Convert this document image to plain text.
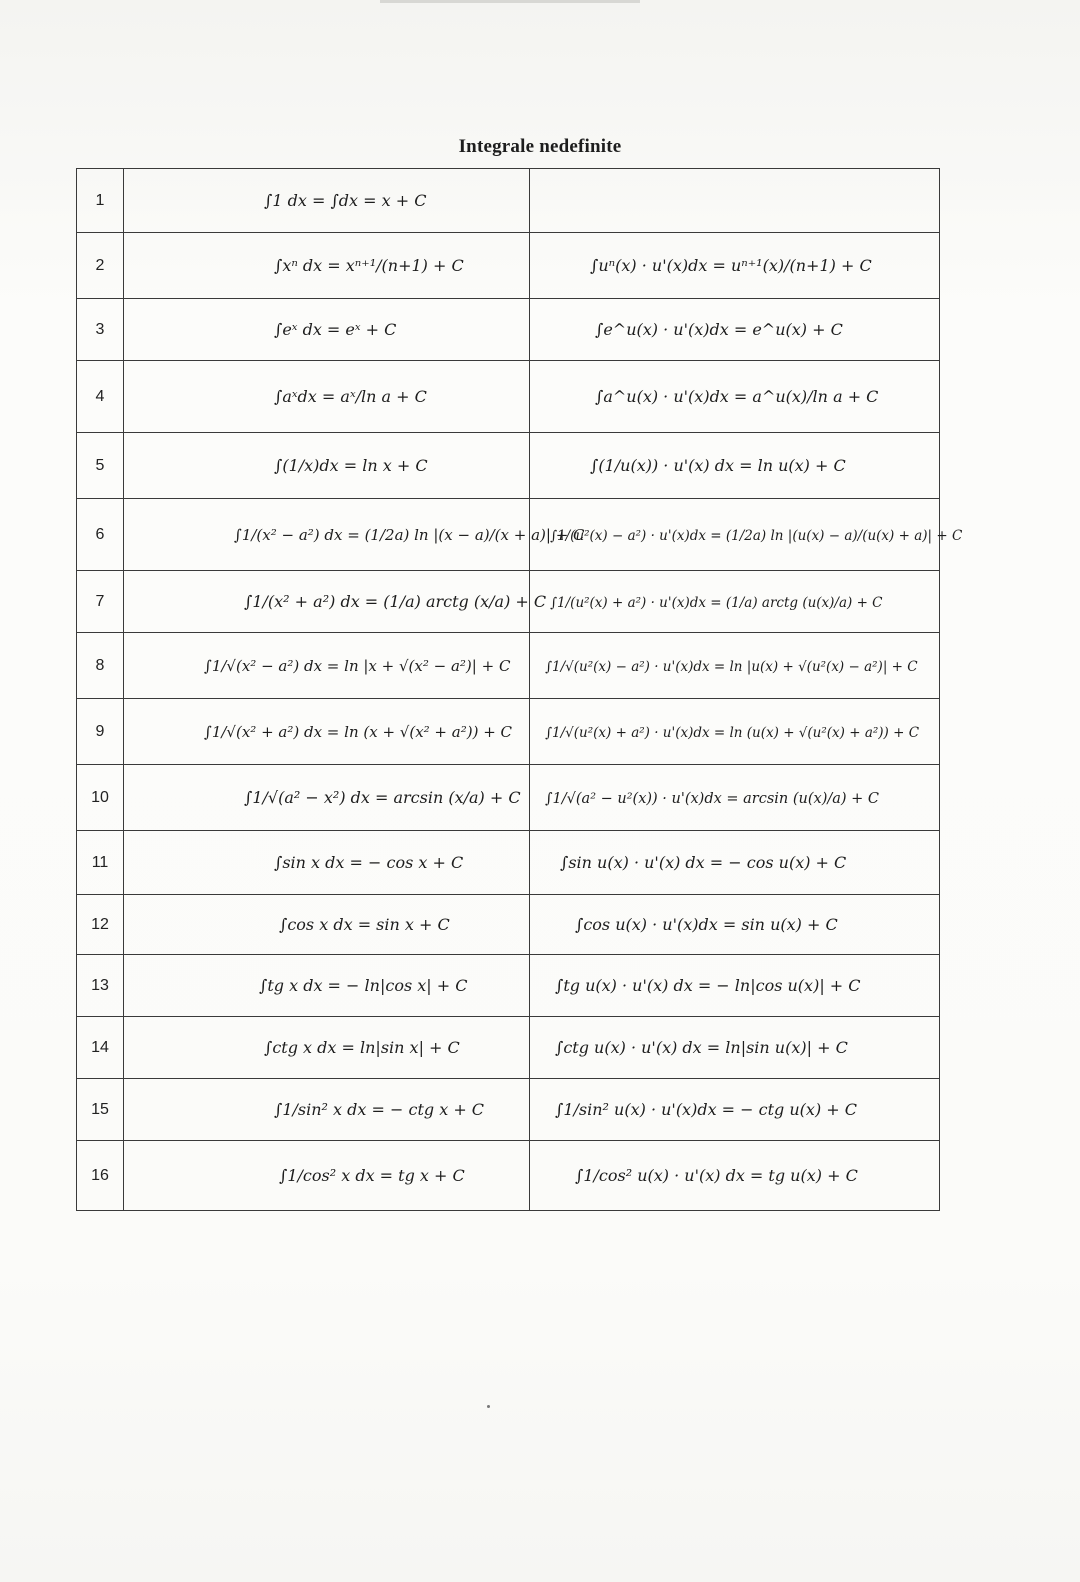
Integrale nedefinite
1	∫1 dx = ∫dx = x + C	
2	∫xⁿ dx = xⁿ⁺¹/(n+1) + C	∫uⁿ(x) · u'(x)dx = uⁿ⁺¹(x)/(n+1) + C
3	∫eˣ dx = eˣ + C	∫e^u(x) · u'(x)dx = e^u(x) + C
4	∫aˣdx = aˣ/ln a + C	∫a^u(x) · u'(x)dx = a^u(x)/ln a + C
5	∫(1/x)dx = ln x + C	∫(1/u(x)) · u'(x) dx = ln u(x) + C
6	∫1/(x² − a²) dx = (1/2a) ln |(x − a)/(x + a)| + C	∫1/(u²(x) − a²) · u'(x)dx = (1/2a) ln |(u(x) − a)/(u(x) + a)| + C
7	∫1/(x² + a²) dx = (1/a) arctg (x/a) + C	∫1/(u²(x) + a²) · u'(x)dx = (1/a) arctg (u(x)/a) + C
8	∫1/√(x² − a²) dx = ln |x + √(x² − a²)| + C	∫1/√(u²(x) − a²) · u'(x)dx = ln |u(x) + √(u²(x) − a²)| + C
9	∫1/√(x² + a²) dx = ln (x + √(x² + a²)) + C	∫1/√(u²(x) + a²) · u'(x)dx = ln (u(x) + √(u²(x) + a²)) + C
10	∫1/√(a² − x²) dx = arcsin (x/a) + C	∫1/√(a² − u²(x)) · u'(x)dx = arcsin (u(x)/a) + C
11	∫sin x dx = − cos x + C	∫sin u(x) · u'(x) dx = − cos u(x) + C
12	∫cos x dx = sin x + C	∫cos u(x) · u'(x)dx = sin u(x) + C
13	∫tg x dx = − ln|cos x| + C	∫tg u(x) · u'(x) dx = − ln|cos u(x)| + C
14	∫ctg x dx = ln|sin x| + C	∫ctg u(x) · u'(x) dx = ln|sin u(x)| + C
15	∫1/sin² x dx = − ctg x + C	∫1/sin² u(x) · u'(x)dx = − ctg u(x) + C
16	∫1/cos² x dx = tg x + C	∫1/cos² u(x) · u'(x) dx = tg u(x) + C
